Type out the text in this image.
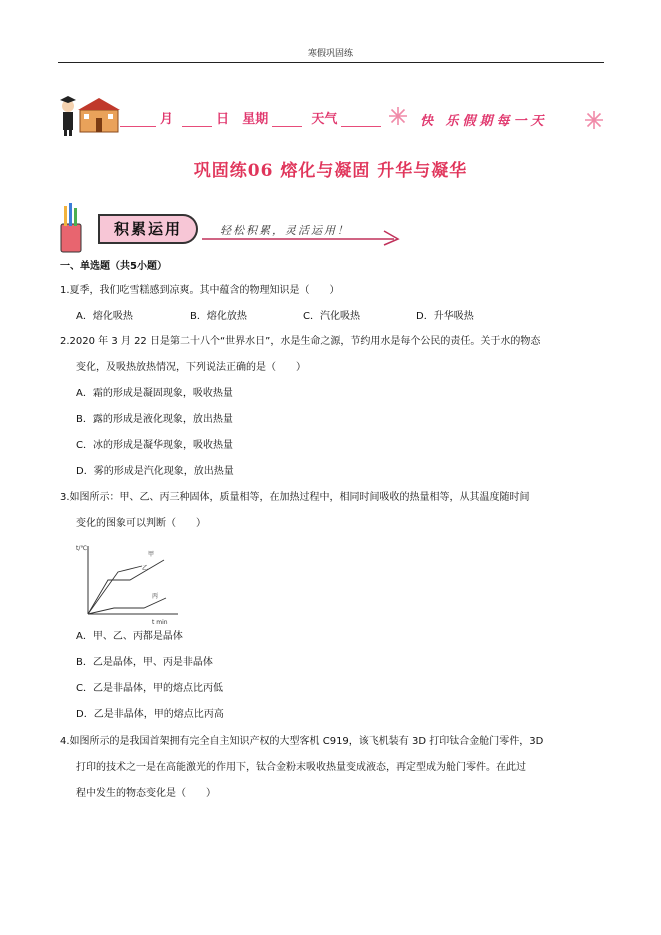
寒假巩固练
月	日 星期	天气	快 乐假期每一天
巩固练06 熔化与凝固 升华与凝华
积累运用	轻松积累，灵活运用！
一、单选题（共5小题）
1.夏季，我们吃雪糕感到凉爽。其中蕴含的物理知识是（　　）
A．熔化吸热	B．熔化放热	C．汽化吸热	D．升华吸热
2.2020 年 3 月 22 日是第二十八个“世界水日”，水是生命之源，节约用水是每个公民的责任。关于水的物态
变化，及吸热放热情况，下列说法正确的是（　　）
A．霜的形成是凝固现象，吸收热量
B．露的形成是液化现象，放出热量
C．冰的形成是凝华现象，吸收热量
D．雾的形成是汽化现象，放出热量
3.如图所示：甲、乙、丙三种固体，质量相等，在加热过程中，相同时间吸收的热量相等，从其温度随时间
变化的图象可以判断（　　）
t/℃
t min
甲
乙
丙
A．甲、乙、丙都是晶体
B．乙是晶体，甲、丙是非晶体
C．乙是非晶体，甲的熔点比丙低
D．乙是非晶体，甲的熔点比丙高
4.如图所示的是我国首架拥有完全自主知识产权的大型客机 C919，该飞机装有 3D 打印钛合金舱门零件，3D
打印的技术之一是在高能激光的作用下，钛合金粉末吸收热量变成液态，再定型成为舱门零件。在此过
程中发生的物态变化是（　　）
